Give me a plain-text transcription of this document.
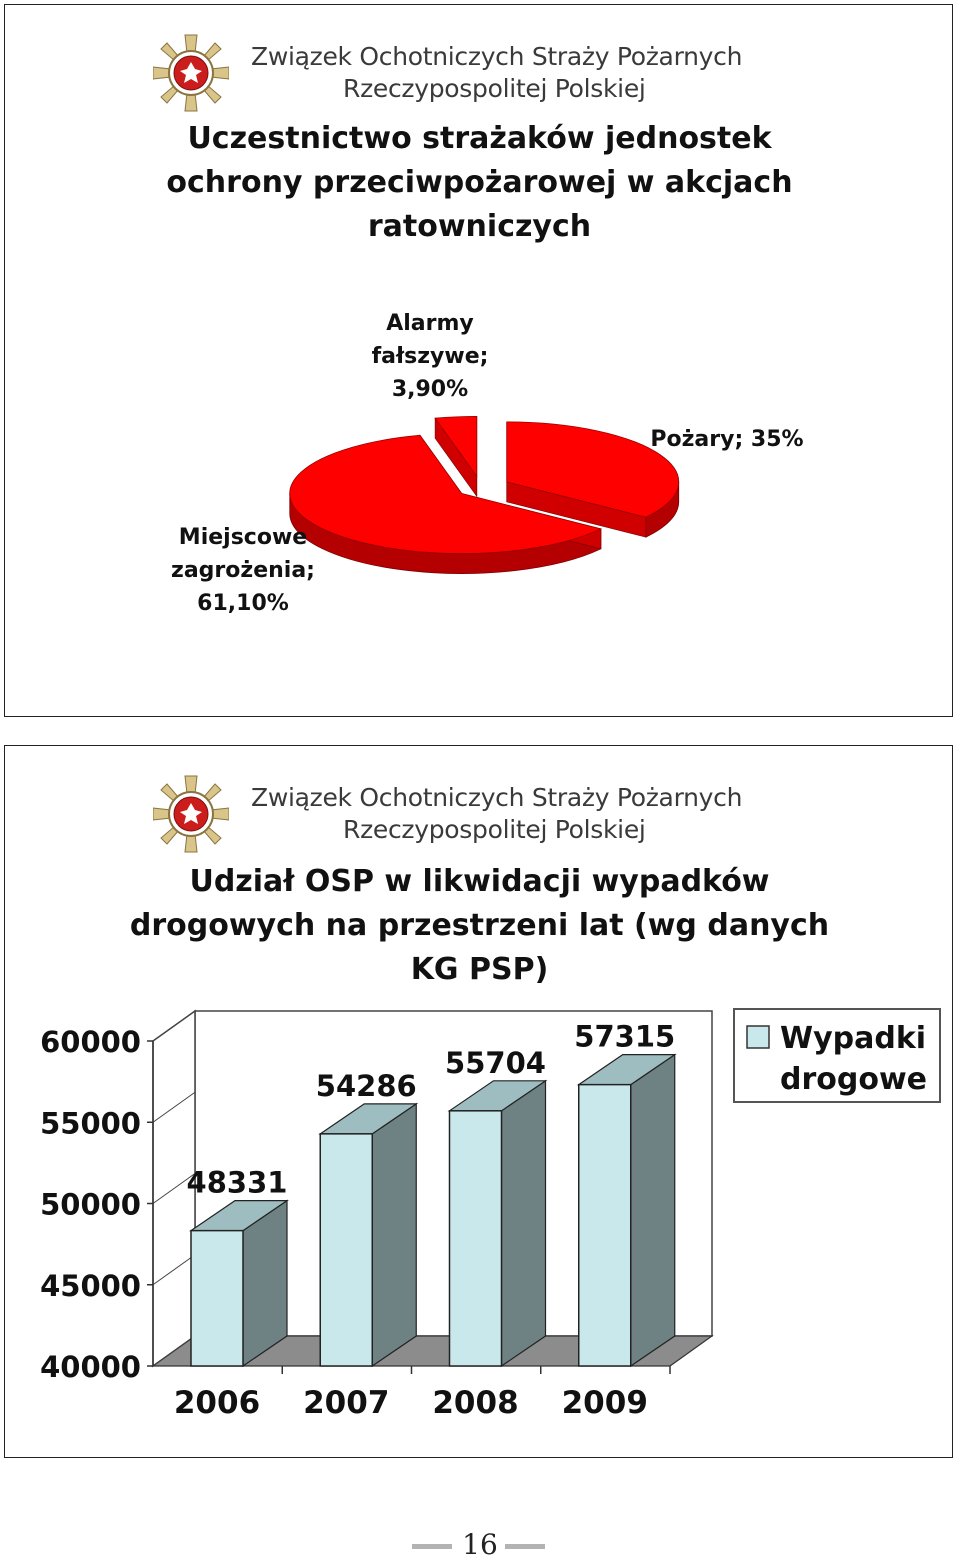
Związek Ochotniczych Straży Pożarnych
Rzeczypospolitej Polskiej
Uczestnictwo strażaków jednostek
ochrony przeciwpożarowej w akcjach
ratowniczych
Alarmy
fałszywe;
3,90%
Pożary; 35%
Miejscowe
zagrożenia;
61,10%
Związek Ochotniczych Straży Pożarnych
Rzeczypospolitej Polskiej
Udział OSP w likwidacji wypadków
drogowych na przestrzeni lat (wg danych
KG PSP)
40000
45000
50000
55000
60000
48331
2006
54286
2007
55704
2008
57315
2009
Wypadki
drogowe
16
